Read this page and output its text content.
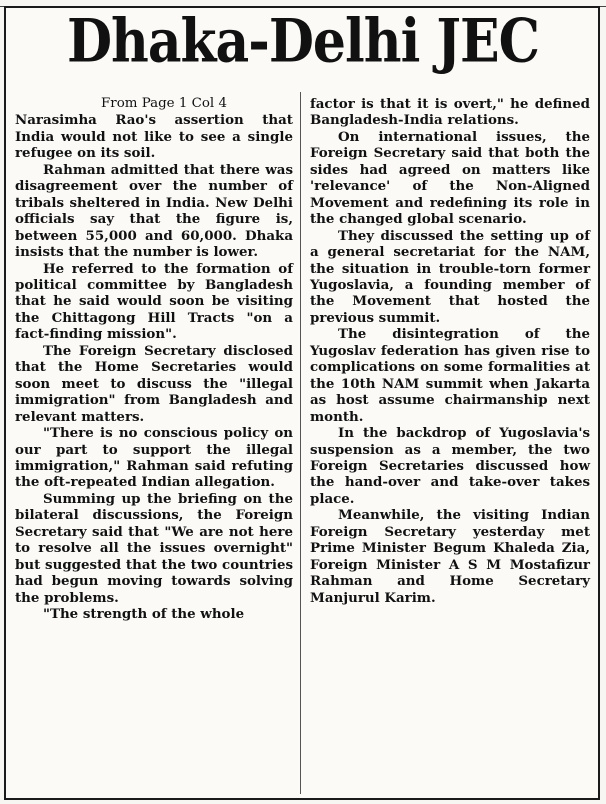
Dhaka-Delhi JEC
From Page 1 Col 4
Narasimha Rao's assertion that India would not like to see a single refugee on its soil.
Rahman admitted that there was disagreement over the number of tribals sheltered in India. New Delhi officials say that the figure is, between 55,000 and 60,000. Dhaka insists that the number is lower.
He referred to the formation of political committee by Bangladesh that he said would soon be visiting the Chittagong Hill Tracts "on a fact-finding mission".
The Foreign Secretary disclosed that the Home Secretaries would soon meet to discuss the "illegal immigration" from Bangladesh and relevant matters.
"There is no conscious policy on our part to support the illegal immigration," Rahman said refuting the oft-repeated Indian allegation.
Summing up the briefing on the bilateral discussions, the Foreign Secretary said that "We are not here to resolve all the issues overnight" but suggested that the two countries had begun moving towards solving the problems.
"The strength of the whole
factor is that it is overt," he defined Bangladesh-India relations.
On international issues, the Foreign Secretary said that both the sides had agreed on matters like 'relevance' of the Non-Aligned Movement and redefining its role in the changed global scenario.
They discussed the setting up of a general secretariat for the NAM, the situation in trouble-torn former Yugoslavia, a founding member of the Movement that hosted the previous summit.
The disintegration of the Yugoslav federation has given rise to complications on some formalities at the 10th NAM summit when Jakarta as host assume chairmanship next month.
In the backdrop of Yugoslavia's suspension as a member, the two Foreign Secretaries discussed how the hand-over and take-over takes place.
Meanwhile, the visiting Indian Foreign Secretary yesterday met Prime Minister Begum Khaleda Zia, Foreign Minister A S M Mostafizur Rahman and Home Secretary Manjurul Karim.
